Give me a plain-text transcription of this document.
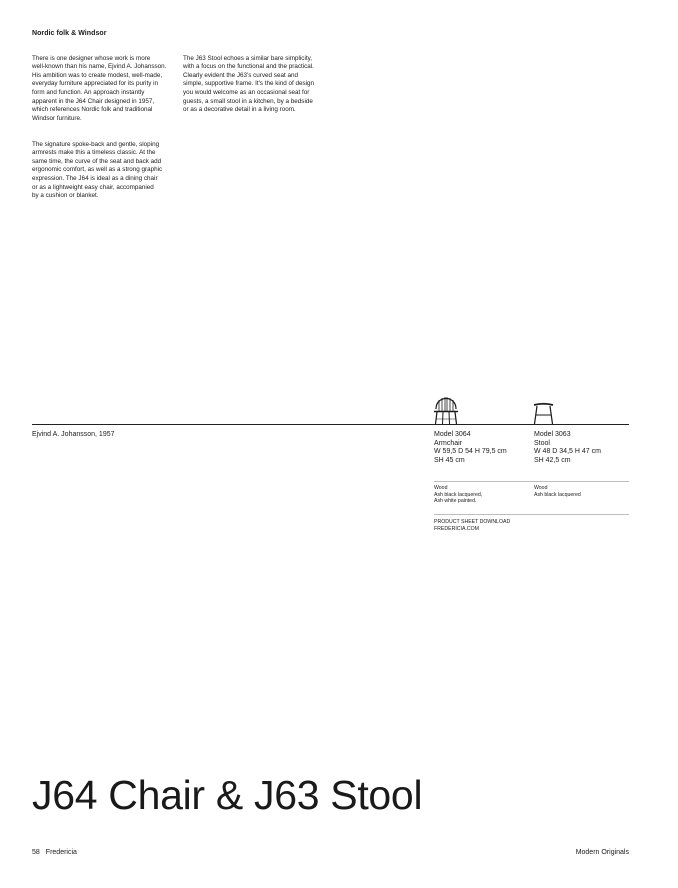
Nordic folk & Windsor

There is one designer whose work is more
well-known than his name, Ejvind A. Johansson.
His ambition was to create modest, well-made,
everyday furniture appreciated for its purity in
form and function. An approach instantly
apparent in the J64 Chair designed in 1957,
which references Nordic folk and traditional
Windsor furniture.

The signature spoke-back and gentle, sloping
armrests make this a timeless classic. At the
same time, the curve of the seat and back add
ergonomic comfort, as well as a strong graphic
expression. The J64 is ideal as a dining chair
or as a lightweight easy chair, accompanied
by a cushion or blanket.

The J63 Stool echoes a similar bare simplicity,
with a focus on the functional and the practical.
Clearly evident the J63's curved seat and
simple, supportive frame. It's the kind of design
you would welcome as an occasional seat for
guests, a small stool in a kitchen, by a bedside
or as a decorative detail in a living room.

Ejvind A. Johansson, 1957	Model 3064
Armchair
W 59,5 D 54 H 79,5 cm
SH 45 cm
Model 3063
Stool
W 48 D 34,5 H 47 cm
SH 42,5 cm
Wood
Ash black lacquered,
Ash white painted.
Wood
Ash black lacquered
PRODUCT SHEET DOWNLOAD
FREDERICIA.COM
J64 Chair & J63 Stool
58 Fredericia	Modern Originals
